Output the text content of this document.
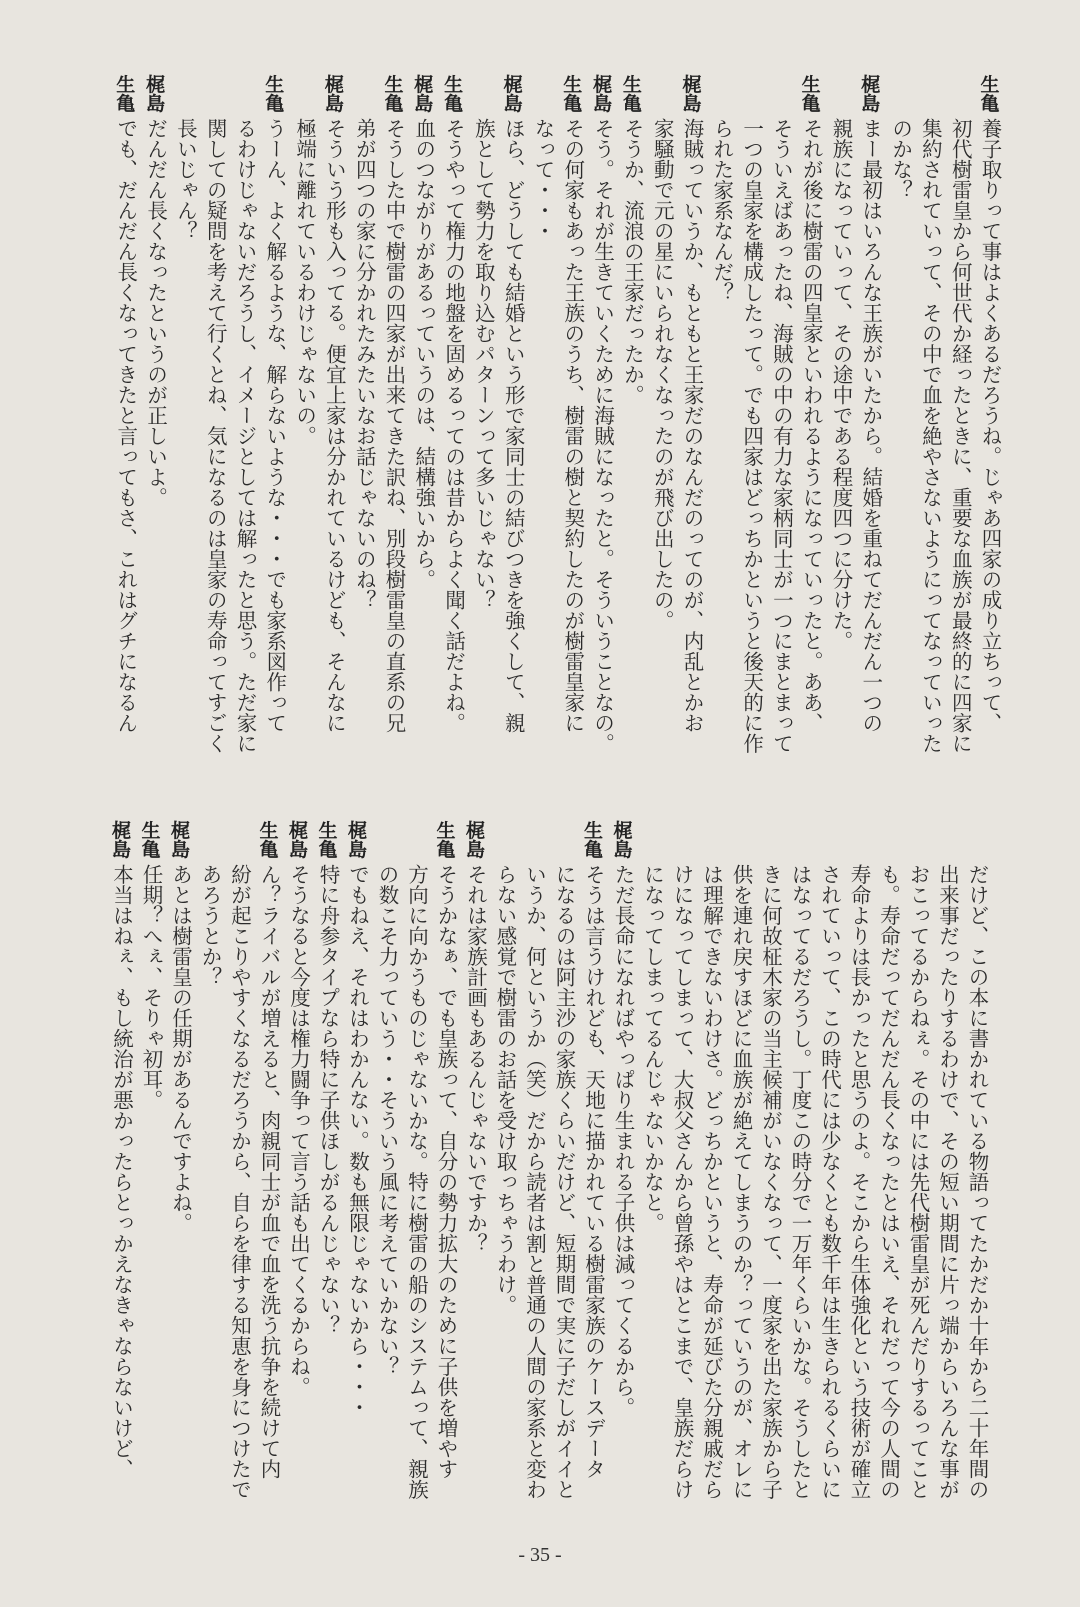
生
亀
養子取りって事はよくあるだろうね。じゃあ四家の成り立ちって、
初代樹雷皇から何世代か経ったときに、重要な血族が最終的に四家に
集約されていって、その中で血を絶やさないようにってなっていった
のかな？
梶
島
まー最初はいろんな王族がいたから。結婚を重ねてだんだん一つの
親族になっていって、その途中である程度四つに分けた。
生
亀
それが後に樹雷の四皇家といわれるようになっていったと。ああ、
そういえばあったね、海賊の中の有力な家柄同士が一つにまとまって
一つの皇家を構成したって。でも四家はどっちかというと後天的に作
られた家系なんだ？
梶
島
海賊っていうか、もともと王家だのなんだのってのが、内乱とかお
家騒動で元の星にいられなくなったのが飛び出したの。
生
亀
そうか、流浪の王家だったか。
梶
島
そう。それが生きていくために海賊になったと。そういうことなの。
生
亀
その何家もあった王族のうち、樹雷の樹と契約したのが樹雷皇家に
なって・・・
梶
島
ほら、どうしても結婚という形で家同士の結びつきを強くして、親
族として勢力を取り込むパターンって多いじゃない？
生
亀
そうやって権力の地盤を固めるってのは昔からよく聞く話だよね。
梶
島
血のつながりがあるっていうのは、結構強いから。
生
亀
そうした中で樹雷の四家が出来てきた訳ね、別段樹雷皇の直系の兄
弟が四つの家に分かれたみたいなお話じゃないのね？
梶
島
そういう形も入ってる。便宜上家は分かれているけども、そんなに
極端に離れているわけじゃないの。
生
亀
うーん、よく解るような、解らないような・・・でも家系図作って
るわけじゃないだろうし、イメージとしては解ったと思う。ただ家に
関しての疑問を考えて行くとね、気になるのは皇家の寿命ってすごく
長いじゃん？
梶
島
だんだん長くなったというのが正しいよ。
生
亀
でも、だんだん長くなってきたと言ってもさ、これはグチになるん
だけど、この本に書かれている物語ってたかだか十年から二十年間の
出来事だったりするわけで、その短い期間に片っ端からいろんな事が
おこってるからねぇ。その中には先代樹雷皇が死んだりするってこと
も。寿命だってだんだん長くなったとはいえ、それだって今の人間の
寿命よりは長かったと思うのよ。そこから生体強化という技術が確立
されていって、この時代には少なくとも数千年は生きられるくらいに
はなってるだろうし。丁度この時分で一万年くらいかな。そうしたと
きに何故柾木家の当主候補がいなくなって、一度家を出た家族から子
供を連れ戻すほどに血族が絶えてしまうのか？っていうのが、オレに
は理解できないわけさ。どっちかというと、寿命が延びた分親戚だら
けになってしまって、大叔父さんから曾孫やはとこまで、皇族だらけ
になってしまってるんじゃないかなと。
梶
島
ただ長命になればやっぱり生まれる子供は減ってくるから。
生
亀
そうは言うけれども、天地に描かれている樹雷家族のケースデータ
になるのは阿主沙の家族くらいだけど、短期間で実に子だしがイイと
いうか、何というか（笑）だから読者は割と普通の人間の家系と変わ
らない感覚で樹雷のお話を受け取っちゃうわけ。
梶
島
それは家族計画もあるんじゃないですか？
生
亀
そうかなぁ、でも皇族って、自分の勢力拡大のために子供を増やす
方向に向かうものじゃないかな。特に樹雷の船のシステムって、親族
の数こそ力っていう・・そういう風に考えていかない？
梶
島
でもねえ、それはわかんない。数も無限じゃないから・・・
生
亀
特に舟参タイプなら特に子供ほしがるんじゃない？
梶
島
そうなると今度は権力闘争って言う話も出てくるからね。
生
亀
ん？ライバルが増えると、肉親同士が血で血を洗う抗争を続けて内
紛が起こりやすくなるだろうから、自らを律する知恵を身につけたで
あろうとか？
梶
島
あとは樹雷皇の任期があるんですよね。
生
亀
任期？へぇ、そりゃ初耳。
梶
島
本当はねぇ、もし統治が悪かったらとっかえなきゃならないけど、
- 35 -
